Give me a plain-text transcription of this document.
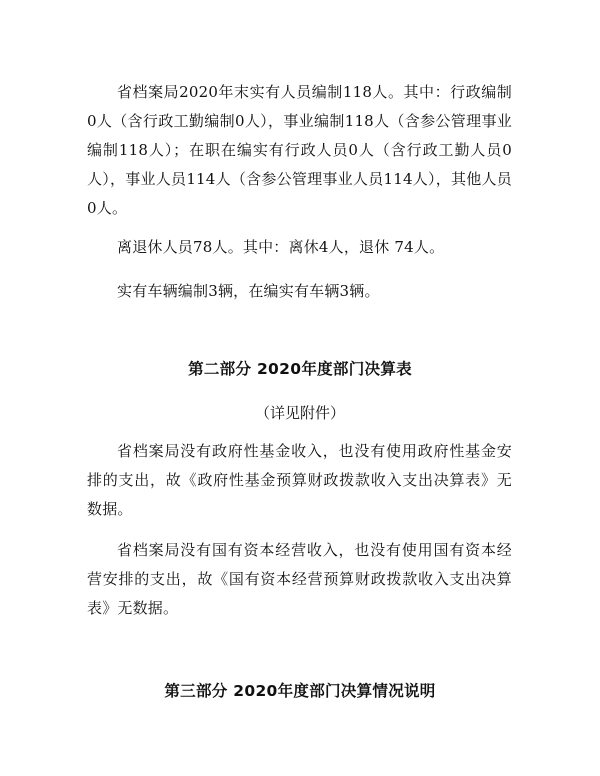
省档案局2020年末实有人员编制118人。其中：行政编制0人（含行政工勤编制0人），事业编制118人（含参公管理事业编制118人）；在职在编实有行政人员0人（含行政工勤人员0人），事业人员114人（含参公管理事业人员114人），其他人员0人。

离退休人员78人。其中：离休4人，退休 74人。

实有车辆编制3辆，在编实有车辆3辆。

第二部分 2020年度部门决算表

（详见附件）

省档案局没有政府性基金收入，也没有使用政府性基金安排的支出，故《政府性基金预算财政拨款收入支出决算表》无数据。

省档案局没有国有资本经营收入，也没有使用国有资本经营安排的支出，故《国有资本经营预算财政拨款收入支出决算表》无数据。

第三部分 2020年度部门决算情况说明
